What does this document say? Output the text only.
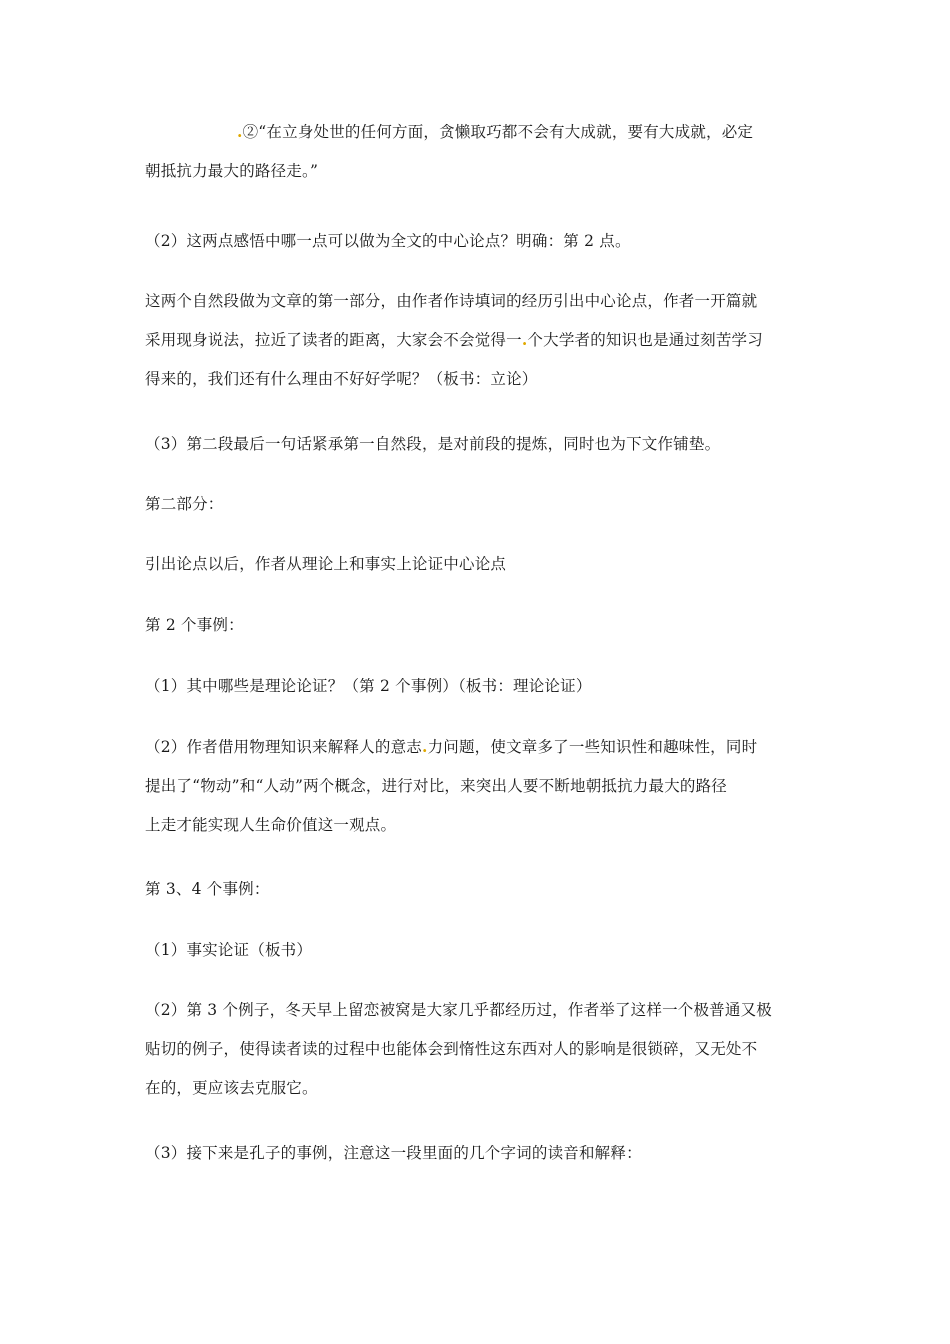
.②“在立身处世的任何方面，贪懒取巧都不会有大成就，要有大成就，必定
朝抵抗力最大的路径走。”

（2）这两点感悟中哪一点可以做为全文的中心论点？明确：第 2 点。

这两个自然段做为文章的第一部分，由作者作诗填词的经历引出中心论点，作者一开篇就
采用现身说法，拉近了读者的距离，大家会不会觉得一.个大学者的知识也是通过刻苦学习
得来的，我们还有什么理由不好好学呢？（板书：立论）

（3）第二段最后一句话紧承第一自然段，是对前段的提炼，同时也为下文作铺垫。

第二部分：

引出论点以后，作者从理论上和事实上论证中心论点

第 2 个事例：

（1）其中哪些是理论论证？（第 2 个事例）（板书：理论论证）

（2）作者借用物理知识来解释人的意志.力问题，使文章多了一些知识性和趣味性，同时
提出了“物动”和“人动”两个概念，进行对比，来突出人要不断地朝抵抗力最大的路径
上走才能实现人生命价值这一观点。

第 3、4 个事例：

（1）事实论证（板书）

（2）第 3 个例子，冬天早上留恋被窝是大家几乎都经历过，作者举了这样一个极普通又极
贴切的例子，使得读者读的过程中也能体会到惰性这东西对人的影响是很锁碎，又无处不
在的，更应该去克服它。

（3）接下来是孔子的事例，注意这一段里面的几个字词的读音和解释：
